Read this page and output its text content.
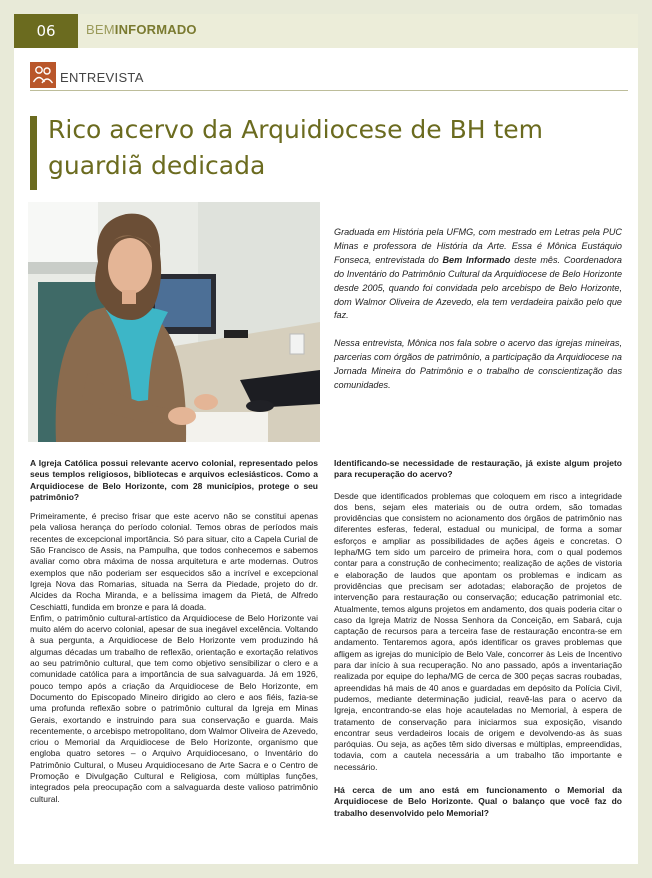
06	BEMINFORMADO
ENTREVISTA
Rico acervo da Arquidiocese de BH tem
guardiã dedicada

Graduada em História pela UFMG, com mestrado em Letras pela PUC Minas e professora de História da Arte. Essa é Mônica Eustáquio Fonseca, entrevistada do Bem Informado deste mês. Coordenadora do Inventário do Patrimônio Cultural da Arquidiocese de Belo Horizonte desde 2005, quando foi convidada pelo arcebispo de Belo Horizonte, dom Walmor Oliveira de Azevedo, ela tem verdadeira paixão pelo que faz.

Nessa entrevista, Mônica nos fala sobre o acervo das igrejas mineiras, parcerias com órgãos de patrimônio, a participação da Arquidiocese na Jornada Mineira do Patrimônio e o trabalho de conscientização das comunidades.

A Igreja Católica possui relevante acervo colonial, representado pelos seus templos religiosos, bibliotecas e arquivos eclesiásticos. Como a Arquidiocese de Belo Horizonte, com 28 municípios, protege o seu patrimônio?

Primeiramente, é preciso frisar que este acervo não se constitui apenas pela valiosa herança do período colonial. Temos obras de períodos mais recentes de excepcional importância. Só para situar, cito a Capela Curial de São Francisco de Assis, na Pampulha, que todos conhecemos e sabemos avaliar como obra máxima de nossa arquitetura e arte modernas. Outros exemplos que não poderiam ser esquecidos são a incrível e excepcional Igreja Nova das Romarias, situada na Serra da Piedade, projeto do dr. Alcides da Rocha Miranda, e a belíssima imagem da Pietá, de Alfredo Ceschiatti, fundida em bronze e para lá doada.

Enfim, o patrimônio cultural-artístico da Arquidiocese de Belo Horizonte vai muito além do acervo colonial, apesar de sua inegável excelência. Voltando à sua pergunta, a Arquidiocese de Belo Horizonte vem produzindo há algumas décadas um trabalho de reflexão, orientação e exortação relativos ao seu patrimônio cultural, que tem como objetivo sensibilizar o clero e a comunidade católica para a importância de sua salvaguarda. Já em 1926, pouco tempo após a criação da Arquidiocese de Belo Horizonte, em Documento do Episcopado Mineiro dirigido ao clero e aos fiéis, fazia-se uma profunda reflexão sobre o patrimônio cultural da Igreja em Minas Gerais, exortando e instruindo para sua conservação e guarda. Mais recentemente, o arcebispo metropolitano, dom Walmor Oliveira de Azevedo, criou o Memorial da Arquidiocese de Belo Horizonte, organismo que engloba quatro setores – o Arquivo Arquidiocesano, o Inventário do Patrimônio Cultural, o Museu Arquidiocesano de Arte Sacra e o Centro de Promoção e Divulgação Cultural e Religiosa, com múltiplas funções, integrados pela preocupação com a salvaguarda deste valioso patrimônio cultural.

Identificando-se necessidade de restauração, já existe algum projeto para recuperação do acervo?

Desde que identificados problemas que coloquem em risco a integridade dos bens, sejam eles materiais ou de outra ordem, são tomadas providências que consistem no acionamento dos órgãos de patrimônio nas diferentes esferas, federal, estadual ou municipal, de forma a somar esforços e ampliar as possibilidades de ações ágeis e concretas. O Iepha/MG tem sido um parceiro de primeira hora, com o qual podemos contar para a construção de conhecimento; realização de ações de vistoria e elaboração de laudos que apontam os problemas e indicam as providências que precisam ser adotadas; elaboração de projetos de intervenção para restauração ou conservação; educação patrimonial etc. Atualmente, temos alguns projetos em andamento, dos quais poderia citar o caso da Igreja Matriz de Nossa Senhora da Conceição, em Sabará, cuja captação de recursos para a terceira fase de restauração encontra-se em andamento. Tentaremos agora, após identificar os graves problemas que afligem as igrejas do município de Belo Vale, concorrer às Leis de Incentivo para dar início à sua recuperação. No ano passado, após a inventariação realizada por equipe do Iepha/MG de cerca de 300 peças sacras roubadas, apreendidas há mais de 40 anos e guardadas em depósito da Polícia Civil, pudemos, mediante determinação judicial, reavê-las para o acervo da Igreja, encontrando-se elas hoje acauteladas no Memorial, à espera de tratamento de conservação para iniciarmos sua exposição, visando encontrar seus verdadeiros locais de origem e devolvendo-as às suas paróquias. Ou seja, as ações têm sido diversas e múltiplas, empreendidas, todavia, com a cautela necessária a um trabalho tão importante e necessário.

Há cerca de um ano está em funcionamento o Memorial da Arquidiocese de Belo Horizonte. Qual o balanço que você faz do trabalho desenvolvido pelo Memorial?
